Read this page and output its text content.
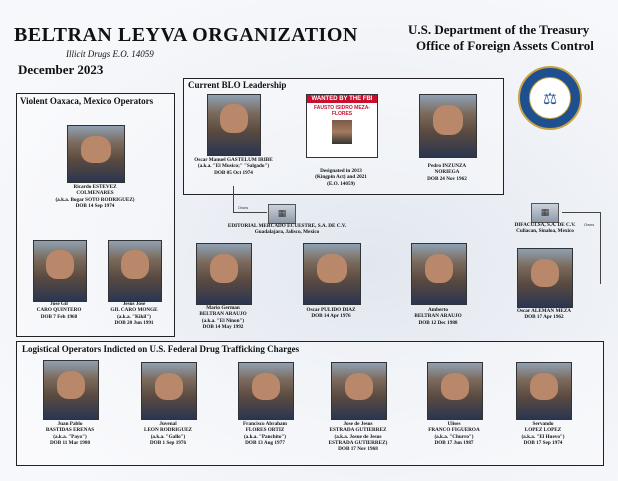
BELTRAN LEYVA ORGANIZATION
Illicit Drugs E.O. 14059
December 2023
U.S. Department of the Treasury
Office of Foreign Assets Control
⚖
Violent Oaxaca, Mexico Operators
Current BLO Leadership
Logistical Operators Indicted on U.S. Federal Drug Trafficking Charges
Ricardo ESTEVEZ
COLMENARES
(a.k.a. Bogar SOTO RODRIGUEZ)
DOB 14 Sep 1974
Jose Gil
CARO QUINTERO
DOB 7 Feb 1968
Jesus Jose
GIL CARO MONGE
(a.k.a. "Kikil")
DOB 20 Jun 1991
Oscar Manuel GASTELUM IRIBE
(a.k.a. "El Musico;" "Salgado")
DOB 05 Oct 1974
WANTED BY THE FBI
FAUSTO ISIDRO MEZA-FLORES
Designated in 2013
(Kingpin Act) and 2021
(E.O. 14059)
Pedro INZUNZA
NORIEGA
DOB 24 Nov 1962
Owns
Owns
▦
EDITORIAL MERCADO ECUESTRE, S.A. DE C.V.
Guadalajara, Jalisco, Mexico
▦
DIFACULSA, S.A. DE C.V.
Culiacan, Sinaloa, Mexico
Mario German
BELTRAN ARAUJO
(a.k.a. "El Ninon")
DOB 14 May 1992
Oscar PULIDO DIAZ
DOB 14 Apr 1976
Amberto
BELTRAN ARAUJO
DOB 12 Dec 1988
Oscar ALEMAN MEZA
DOB 17 Apr 1962
Juan Pablo
BASTIDAS ERENAS
(a.k.a. "Payo")
DOB 11 Mar 1980
Juvenal
LEON RODRIGUEZ
(a.k.a. "Gallo")
DOB 1 Sep 1976
Francisco Abraham
FLORES ORTIZ
(a.k.a. "Panchito")
DOB 13 Aug 1977
Jose de Jesus
ESTRADA GUTIERREZ
(a.k.a. Josue de Jesus
ESTRADA GUTIERREZ)
DOB 17 Nov 1968
Ulises
FRANCO FIGUEROA
(a.k.a. "Churro")
DOB 17 Jun 1987
Servando
LOPEZ LOPEZ
(a.k.a. "El Huevo")
DOB 17 Sep 1974
